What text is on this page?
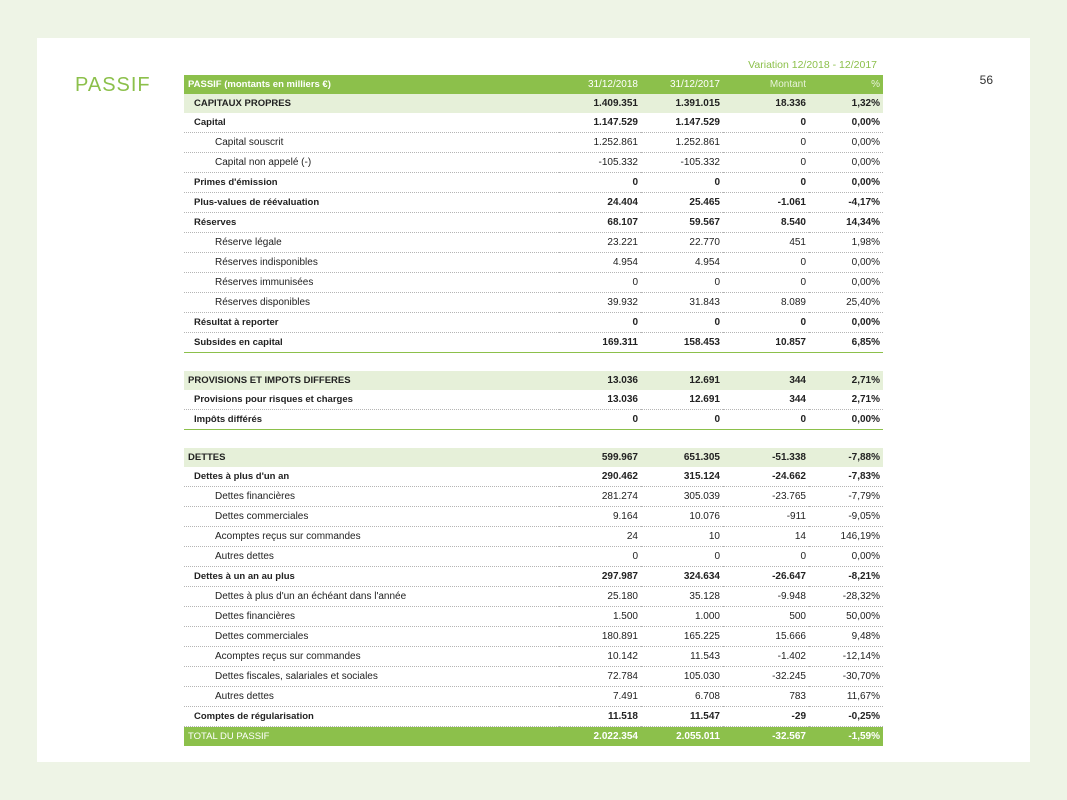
PASSIF	56
Variation 12/2018 - 12/2017
PASSIF (montants en milliers €)	31/12/2018	31/12/2017	Montant	%
CAPITAUX PROPRES	1.409.351	1.391.015	18.336	1,32%
Capital	1.147.529	1.147.529	0	0,00%
Capital souscrit	1.252.861	1.252.861	0	0,00%
Capital non appelé (-)	-105.332	-105.332	0	0,00%
Primes d'émission	0	0	0	0,00%
Plus-values de réévaluation	24.404	25.465	-1.061	-4,17%
Réserves	68.107	59.567	8.540	14,34%
Réserve légale	23.221	22.770	451	1,98%
Réserves indisponibles	4.954	4.954	0	0,00%
Réserves immunisées	0	0	0	0,00%
Réserves disponibles	39.932	31.843	8.089	25,40%
Résultat à reporter	0	0	0	0,00%
Subsides en capital	169.311	158.453	10.857	6,85%

PROVISIONS ET IMPOTS DIFFERES	13.036	12.691	344	2,71%
Provisions pour risques et charges	13.036	12.691	344	2,71%
Impôts différés	0	0	0	0,00%

DETTES	599.967	651.305	-51.338	-7,88%
Dettes à plus d'un an	290.462	315.124	-24.662	-7,83%
Dettes financières	281.274	305.039	-23.765	-7,79%
Dettes commerciales	9.164	10.076	-911	-9,05%
Acomptes reçus sur commandes	24	10	14	146,19%
Autres dettes	0	0	0	0,00%
Dettes à un an au plus	297.987	324.634	-26.647	-8,21%
Dettes à plus d'un an échéant dans l'année	25.180	35.128	-9.948	-28,32%
Dettes financières	1.500	1.000	500	50,00%
Dettes commerciales	180.891	165.225	15.666	9,48%
Acomptes reçus sur commandes	10.142	11.543	-1.402	-12,14%
Dettes fiscales, salariales et sociales	72.784	105.030	-32.245	-30,70%
Autres dettes	7.491	6.708	783	11,67%
Comptes de régularisation	11.518	11.547	-29	-0,25%
TOTAL DU PASSIF	2.022.354	2.055.011	-32.567	-1,59%
